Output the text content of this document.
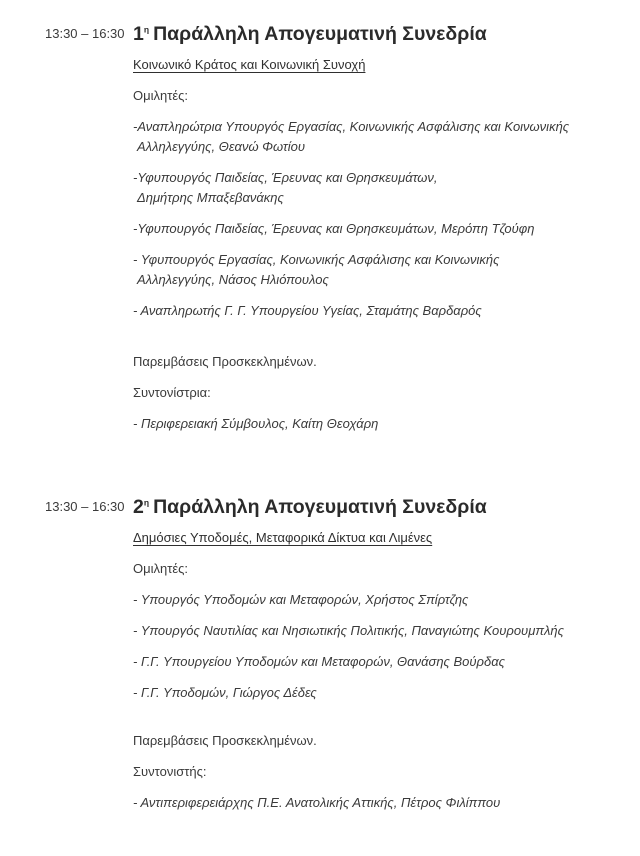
13:30 – 16:30 $1^\eta$ Παράλληλη Απογευματινή Συνεδρία
Κοινωνικό Κράτος και Κοινωνική Συνοχή
Ομιλητές:
-Αναπληρώτρια Υπουργός Εργασίας, Κοινωνικής Ασφάλισης και Κοινωνικής
Αλληλεγγύης, Θεανώ Φωτίου
-Υφυπουργός Παιδείας, Έρευνας και Θρησκευμάτων,
Δημήτρης Μπαξεβανάκης
-Υφυπουργός Παιδείας, Έρευνας και Θρησκευμάτων, Μερόπη Τζούφη
- Υφυπουργός Εργασίας, Κοινωνικής Ασφάλισης και Κοινωνικής
Αλληλεγγύης, Νάσος Ηλιόπουλος
- Αναπληρωτής Γ. Γ. Υπουργείου Υγείας, Σταμάτης Βαρδαρός
Παρεμβάσεις Προσκεκλημένων.
Συντονίστρια:
- Περιφερειακή Σύμβουλος, Καίτη Θεοχάρη
13:30 – 16:30 $2^\eta$ Παράλληλη Απογευματινή Συνεδρία
Δημόσιες Υποδομές, Μεταφορικά Δίκτυα και Λιμένες
Ομιλητές:
- Υπουργός Υποδομών και Μεταφορών, Χρήστος Σπίρτζης
- Υπουργός Ναυτιλίας και Νησιωτικής Πολιτικής, Παναγιώτης Κουρουμπλής
- Γ.Γ. Υπουργείου Υποδομών και Μεταφορών, Θανάσης Βούρδας
- Γ.Γ. Υποδομών, Γιώργος Δέδες
Παρεμβάσεις Προσκεκλημένων.
Συντονιστής:
- Αντιπεριφερειάρχης Π.Ε. Ανατολικής Αττικής, Πέτρος Φιλίππου
